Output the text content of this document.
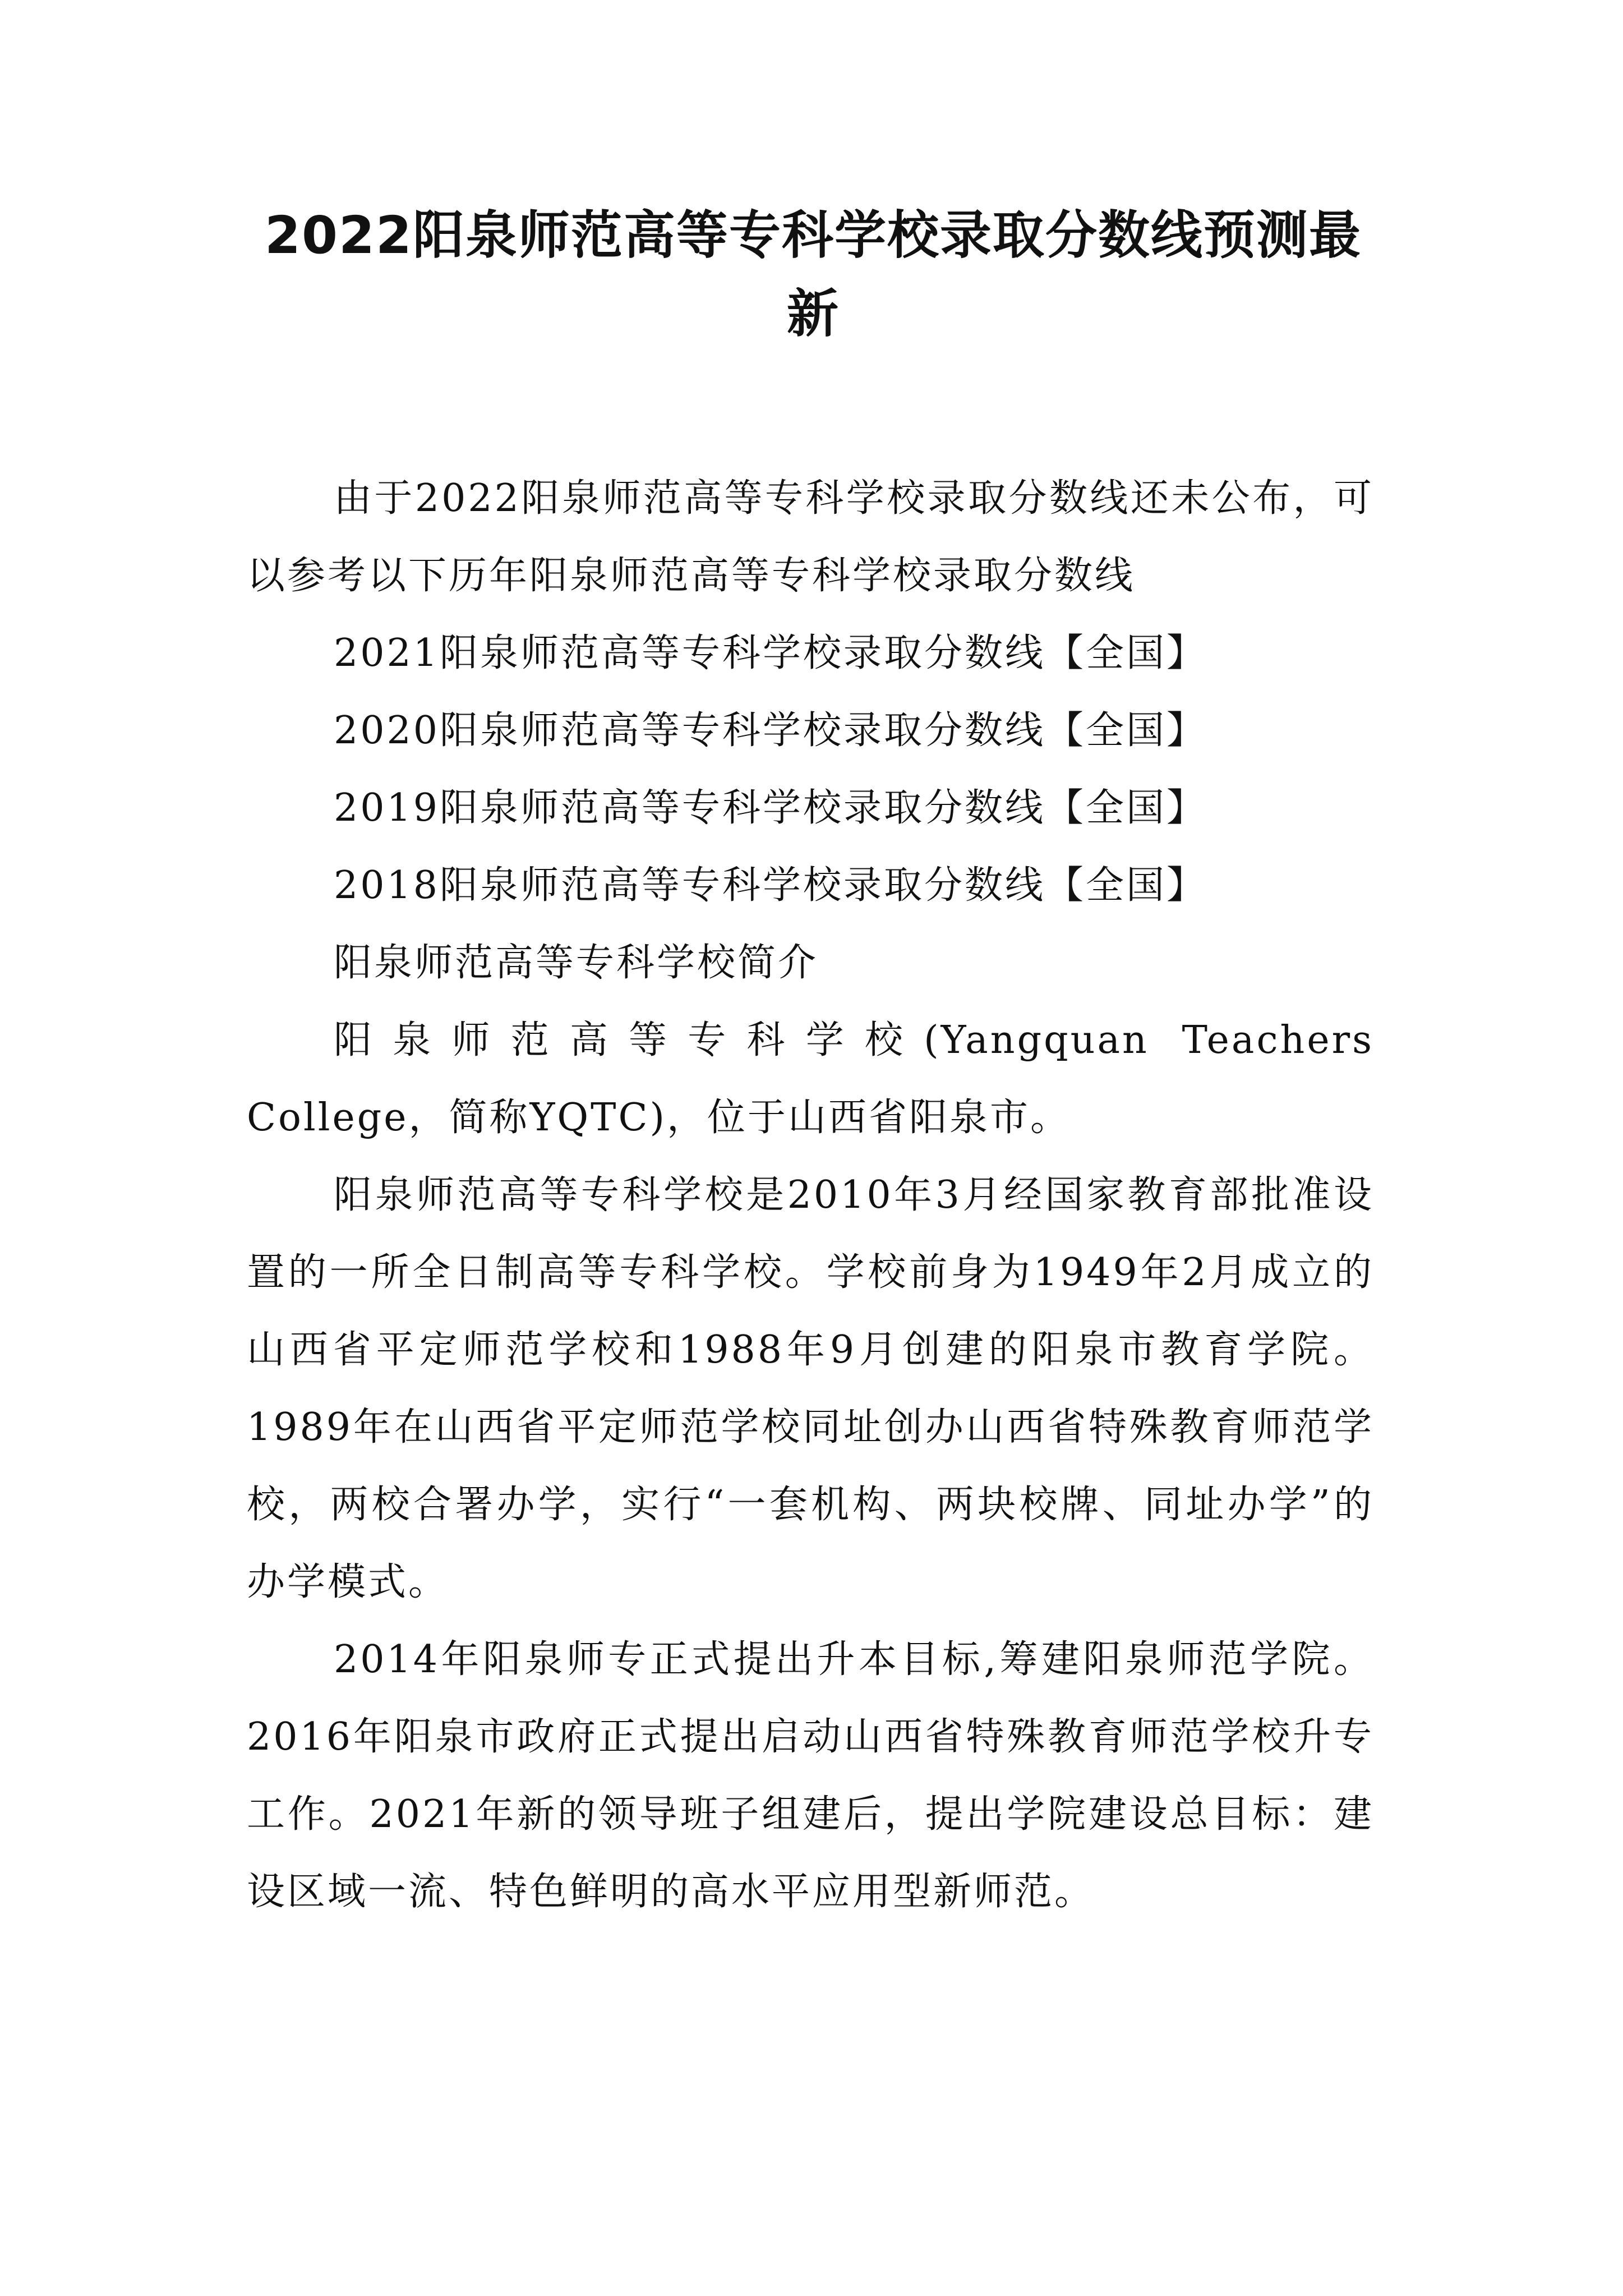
2022阳泉师范高等专科学校录取分数线预测最新

由于2022阳泉师范高等专科学校录取分数线还未公布，可以参考以下历年阳泉师范高等专科学校录取分数线

2021阳泉师范高等专科学校录取分数线【全国】

2020阳泉师范高等专科学校录取分数线【全国】

2019阳泉师范高等专科学校录取分数线【全国】

2018阳泉师范高等专科学校录取分数线【全国】

阳泉师范高等专科学校简介

阳泉师范高等专科学校(Yangquan Teachers College，简称YQTC)，位于山西省阳泉市。

阳泉师范高等专科学校是2010年3月经国家教育部批准设置的一所全日制高等专科学校。学校前身为1949年2月成立的山西省平定师范学校和1988年9月创建的阳泉市教育学院。1989年在山西省平定师范学校同址创办山西省特殊教育师范学校，两校合署办学，实行“一套机构、两块校牌、同址办学”的办学模式。

2014年阳泉师专正式提出升本目标,筹建阳泉师范学院。2016年阳泉市政府正式提出启动山西省特殊教育师范学校升专工作。2021年新的领导班子组建后，提出学院建设总目标：建设区域一流、特色鲜明的高水平应用型新师范。
